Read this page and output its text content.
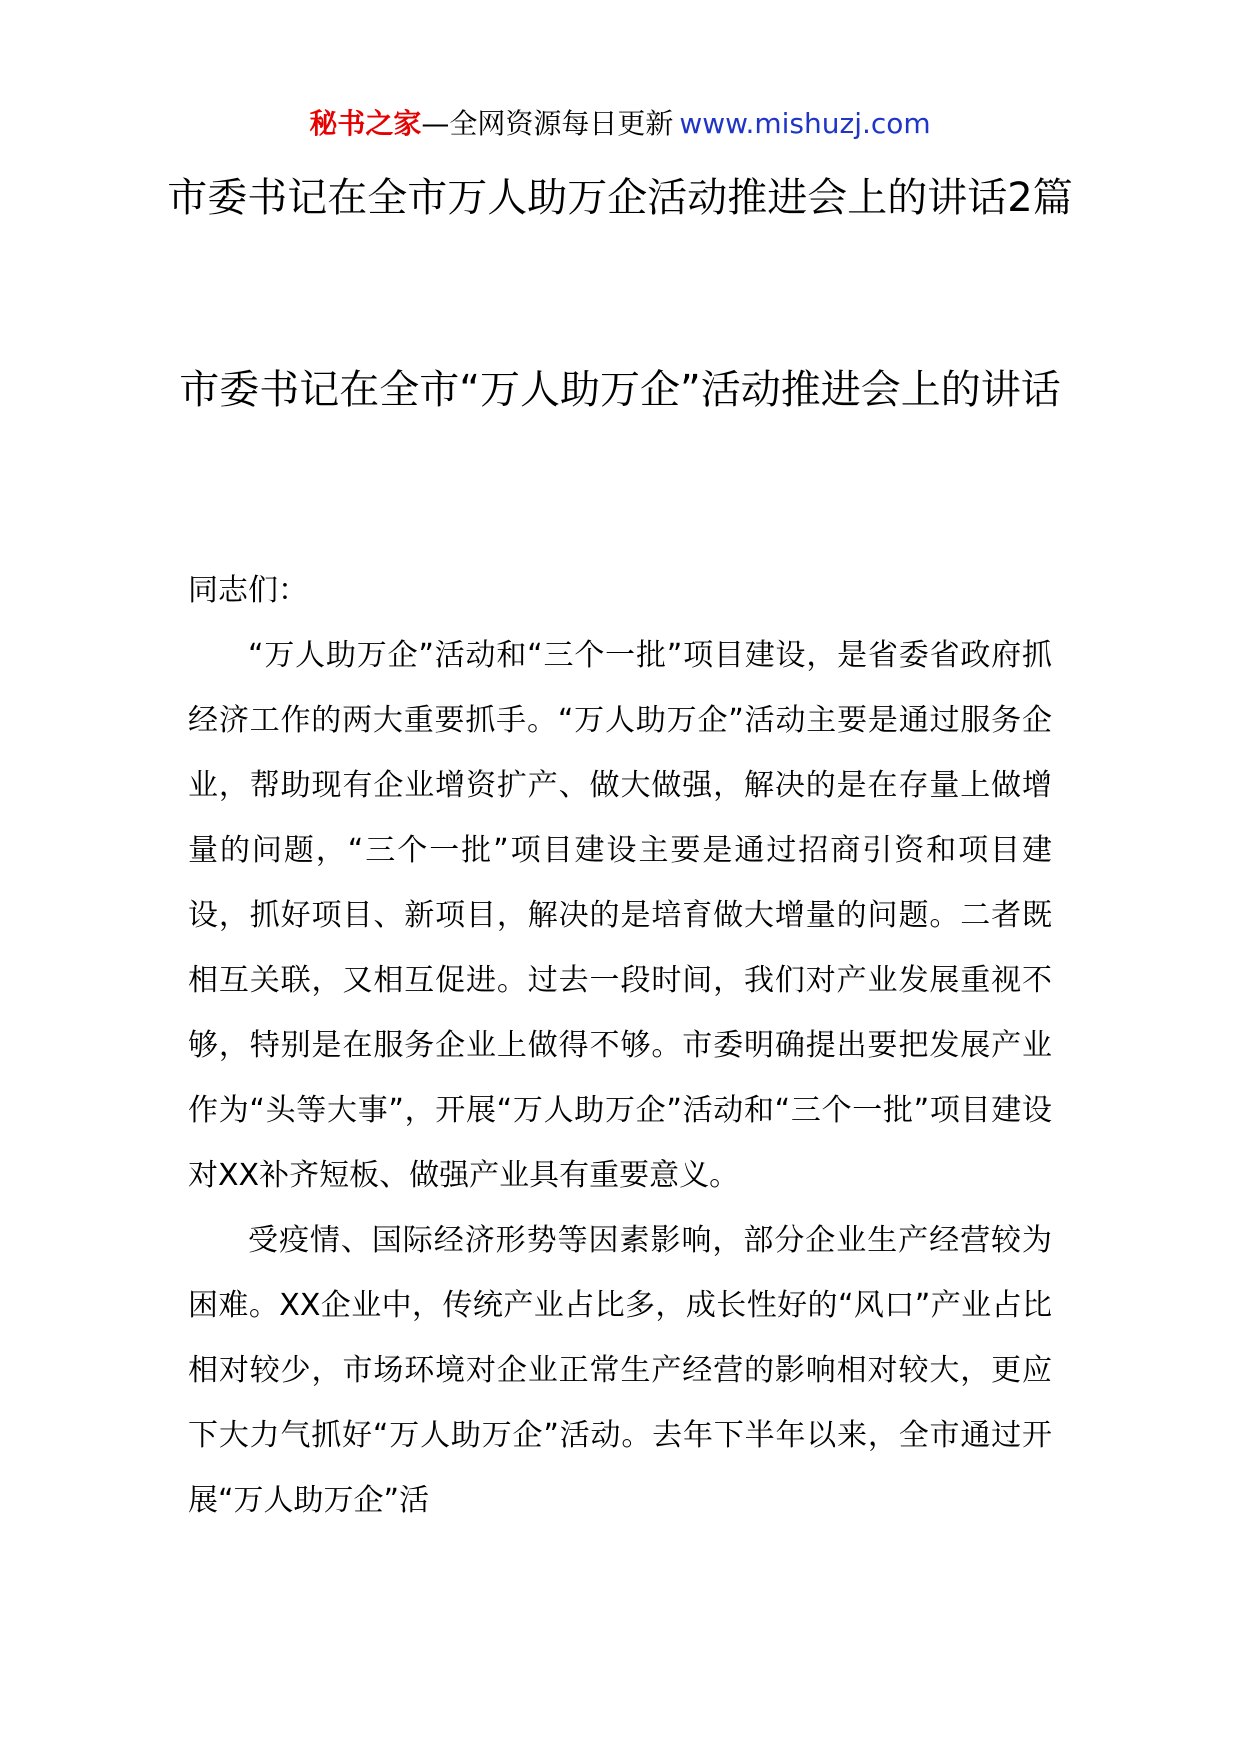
秘书之家—全网资源每日更新 www.mishuzj.com
市委书记在全市万人助万企活动推进会上的讲话2篇
市委书记在全市“万人助万企”活动推进会上的讲话

同志们：

“万人助万企”活动和“三个一批”项目建设，是省委省政府抓经济工作的两大重要抓手。“万人助万企”活动主要是通过服务企业，帮助现有企业增资扩产、做大做强，解决的是在存量上做增量的问题，“三个一批”项目建设主要是通过招商引资和项目建设，抓好项目、新项目，解决的是培育做大增量的问题。二者既相互关联，又相互促进。过去一段时间，我们对产业发展重视不够，特别是在服务企业上做得不够。市委明确提出要把发展产业作为“头等大事”，开展“万人助万企”活动和“三个一批”项目建设对XX补齐短板、做强产业具有重要意义。

受疫情、国际经济形势等因素影响，部分企业生产经营较为困难。XX企业中，传统产业占比多，成长性好的“风口”产业占比相对较少，市场环境对企业正常生产经营的影响相对较大，更应下大力气抓好“万人助万企”活动。去年下半年以来，全市通过开展“万人助万企”活
